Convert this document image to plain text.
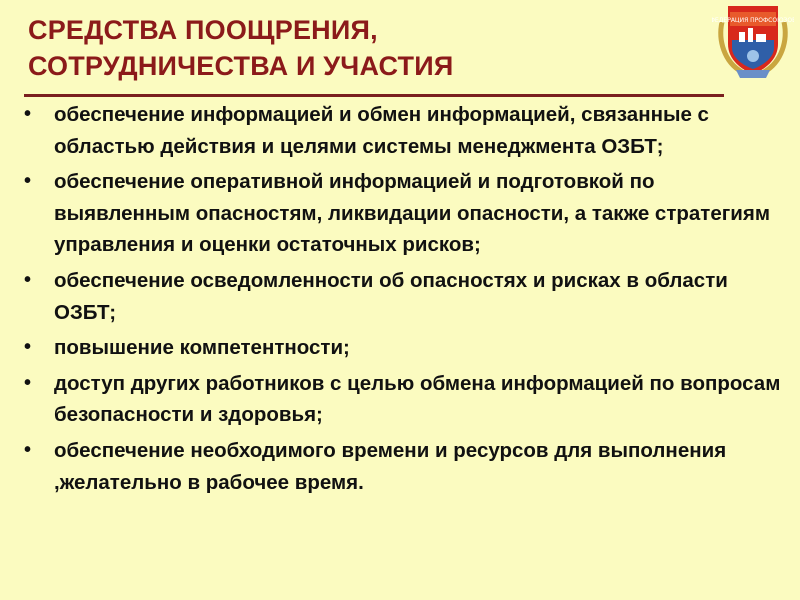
СРЕДСТВА ПООЩРЕНИЯ,
СОТРУДНИЧЕСТВА И УЧАСТИЯ
ФЕДЕРАЦИЯ ПРОФСОЮЗОВ
• обеспечение информацией и обмен информацией, связанные с областью действия и целями системы менеджмента ОЗБТ;
• обеспечение оперативной информацией и подготовкой по выявленным опасностям, ликвидации опасности, а также стратегиям управления и оценки остаточных рисков;
• обеспечение осведомленности об опасностях и рисках в области ОЗБТ;
• повышение компетентности;
• доступ других работников с целью обмена информацией по вопросам безопасности и здоровья;
• обеспечение необходимого времени и ресурсов для выполнения ,желательно в рабочее время.
